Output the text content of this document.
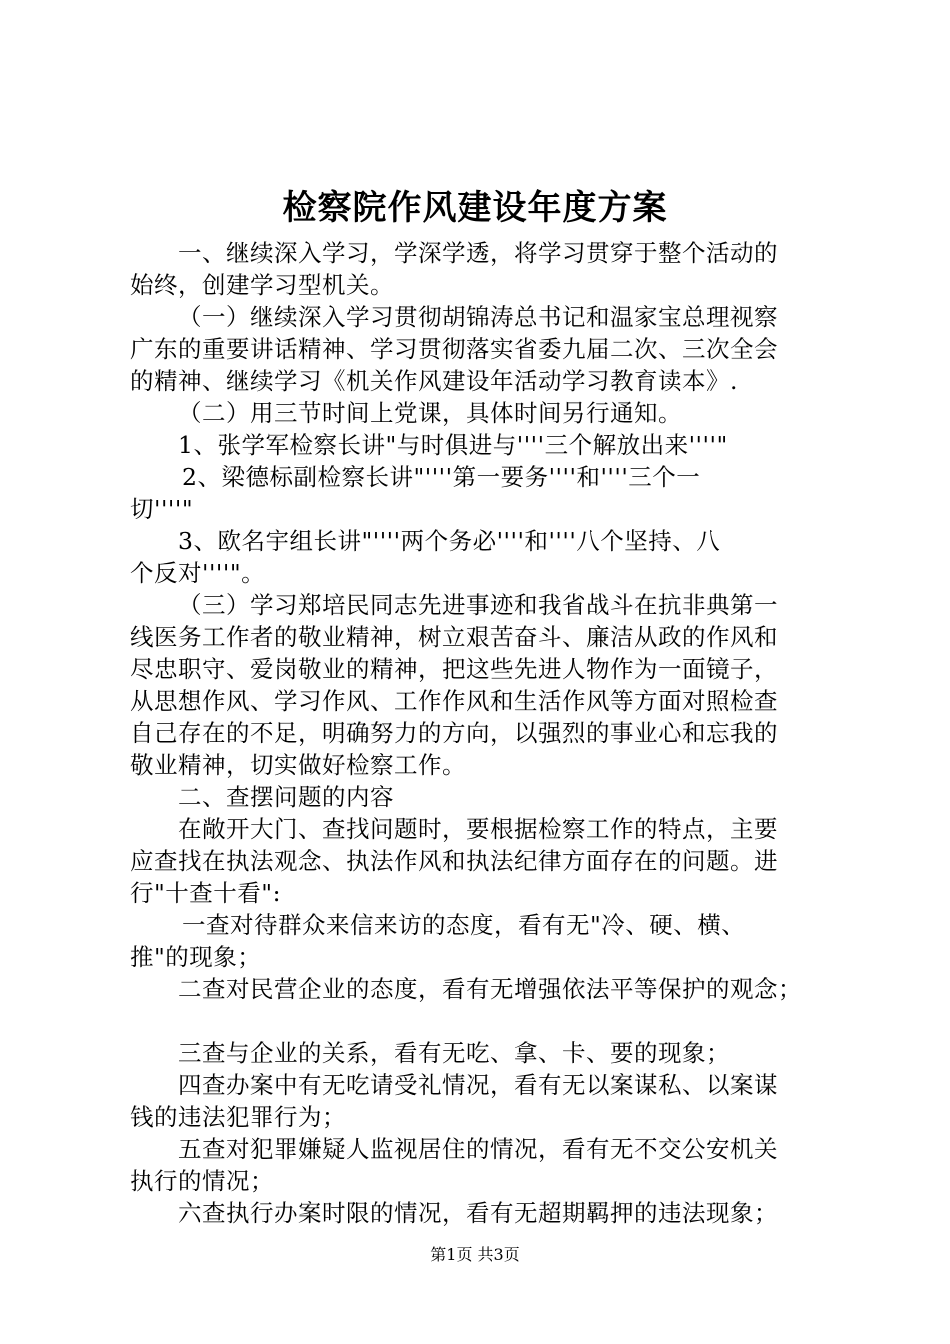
检察院作风建设年度方案
一、继续深入学习，学深学透，将学习贯穿于整个活动的
始终，创建学习型机关。
（一）继续深入学习贯彻胡锦涛总书记和温家宝总理视察
广东的重要讲话精神、学习贯彻落实省委九届二次、三次全会
的精神、继续学习《机关作风建设年活动学习教育读本》.
（二）用三节时间上党课，具体时间另行通知。
1、张学军检察长讲"与时俱进与''''三个解放出来''''"
2、梁德标副检察长讲"''''第一要务''''和''''三个一
切''''"
3、欧名宇组长讲"''''两个务必''''和''''八个坚持、八
个反对''''"。
（三）学习郑培民同志先进事迹和我省战斗在抗非典第一
线医务工作者的敬业精神，树立艰苦奋斗、廉洁从政的作风和
尽忠职守、爱岗敬业的精神，把这些先进人物作为一面镜子，
从思想作风、学习作风、工作作风和生活作风等方面对照检查
自己存在的不足，明确努力的方向，以强烈的事业心和忘我的
敬业精神，切实做好检察工作。
二、查摆问题的内容
在敞开大门、查找问题时，要根据检察工作的特点，主要
应查找在执法观念、执法作风和执法纪律方面存在的问题。进
行"十查十看":
一查对待群众来信来访的态度，看有无"冷、硬、横、
推"的现象；
二查对民营企业的态度，看有无增强依法平等保护的观念；
三查与企业的关系，看有无吃、拿、卡、要的现象；
四查办案中有无吃请受礼情况，看有无以案谋私、以案谋
钱的违法犯罪行为；
五查对犯罪嫌疑人监视居住的情况，看有无不交公安机关
执行的情况；
六查执行办案时限的情况，看有无超期羁押的违法现象；
第1页 共3页
